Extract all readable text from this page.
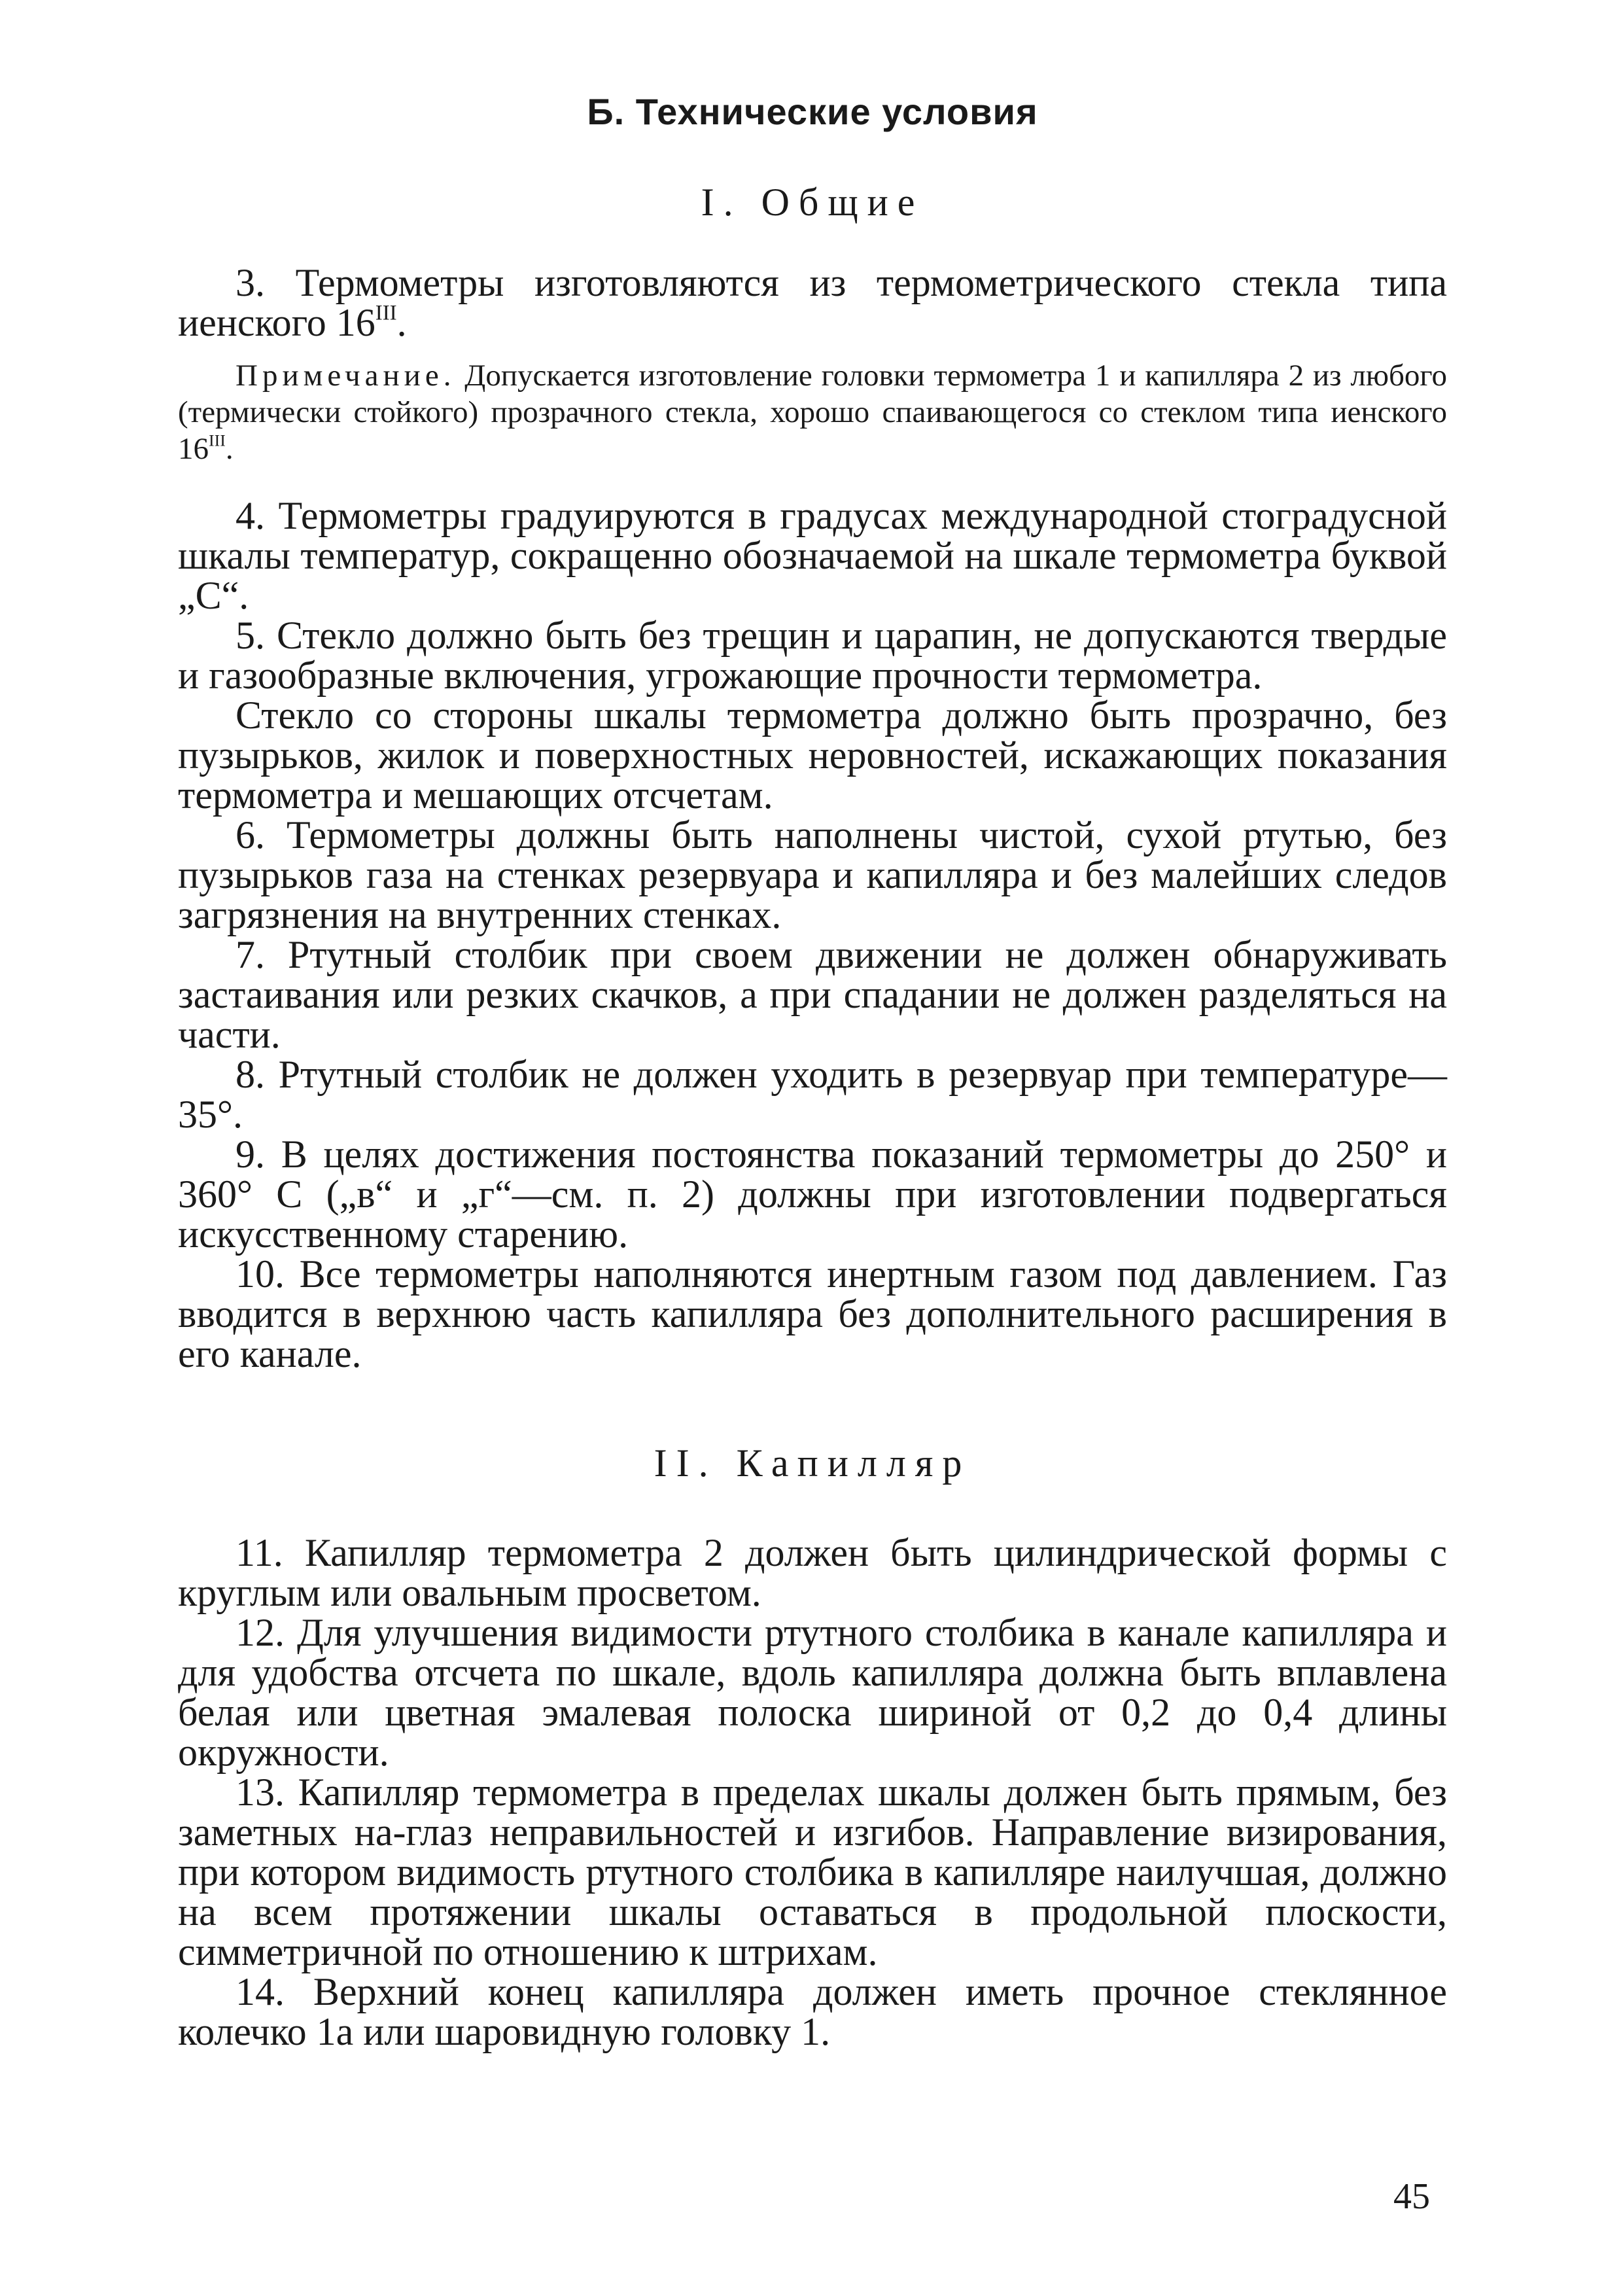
Б. Технические условия
I. Общие

3. Термометры изготовляются из термометрического стекла типа иенского $16^{III}$.

Примечание. Допускается изготовление головки термометра 1 и капилляра 2 из любого (термически стойкого) прозрачного стекла, хорошо спаивающегося со стеклом типа иенского $16^{III}$.

4. Термометры градуируются в градусах международной стоградусной шкалы температур, сокращенно обозначаемой на шкале термометра буквой „С“.

5. Стекло должно быть без трещин и царапин, не допускаются твердые и газообразные включения, угрожающие прочности термометра.

Стекло со стороны шкалы термометра должно быть прозрачно, без пузырьков, жилок и поверхностных неровностей, искажающих показания термометра и мешающих отсчетам.

6. Термометры должны быть наполнены чистой, сухой ртутью, без пузырьков газа на стенках резервуара и капилляра и без малейших следов загрязнения на внутренних стенках.

7. Ртутный столбик при своем движении не должен обнаруживать застаивания или резких скачков, а при спадании не должен разделяться на части.

8. Ртутный столбик не должен уходить в резервуар при температуре—35°.

9. В целях достижения постоянства показаний термометры до 250° и 360° С („в“ и „г“—см. п. 2) должны при изготовлении подвергаться искусственному старению.

10. Все термометры наполняются инертным газом под давлением. Газ вводится в верхнюю часть капилляра без дополнительного расширения в его канале.

II. Капилляр

11. Капилляр термометра 2 должен быть цилиндрической формы с круглым или овальным просветом.

12. Для улучшения видимости ртутного столбика в канале капилляра и для удобства отсчета по шкале, вдоль капилляра должна быть вплавлена белая или цветная эмалевая полоска шириной от 0,2 до 0,4 длины окружности.

13. Капилляр термометра в пределах шкалы должен быть прямым, без заметных на-глаз неправильностей и изгибов. Направление визирования, при котором видимость ртутного столбика в капилляре наилучшая, должно на всем протяжении шкалы оставаться в продольной плоскости, симметричной по отношению к штрихам.

14. Верхний конец капилляра должен иметь прочное стеклянное колечко 1а или шаровидную головку 1.

45
